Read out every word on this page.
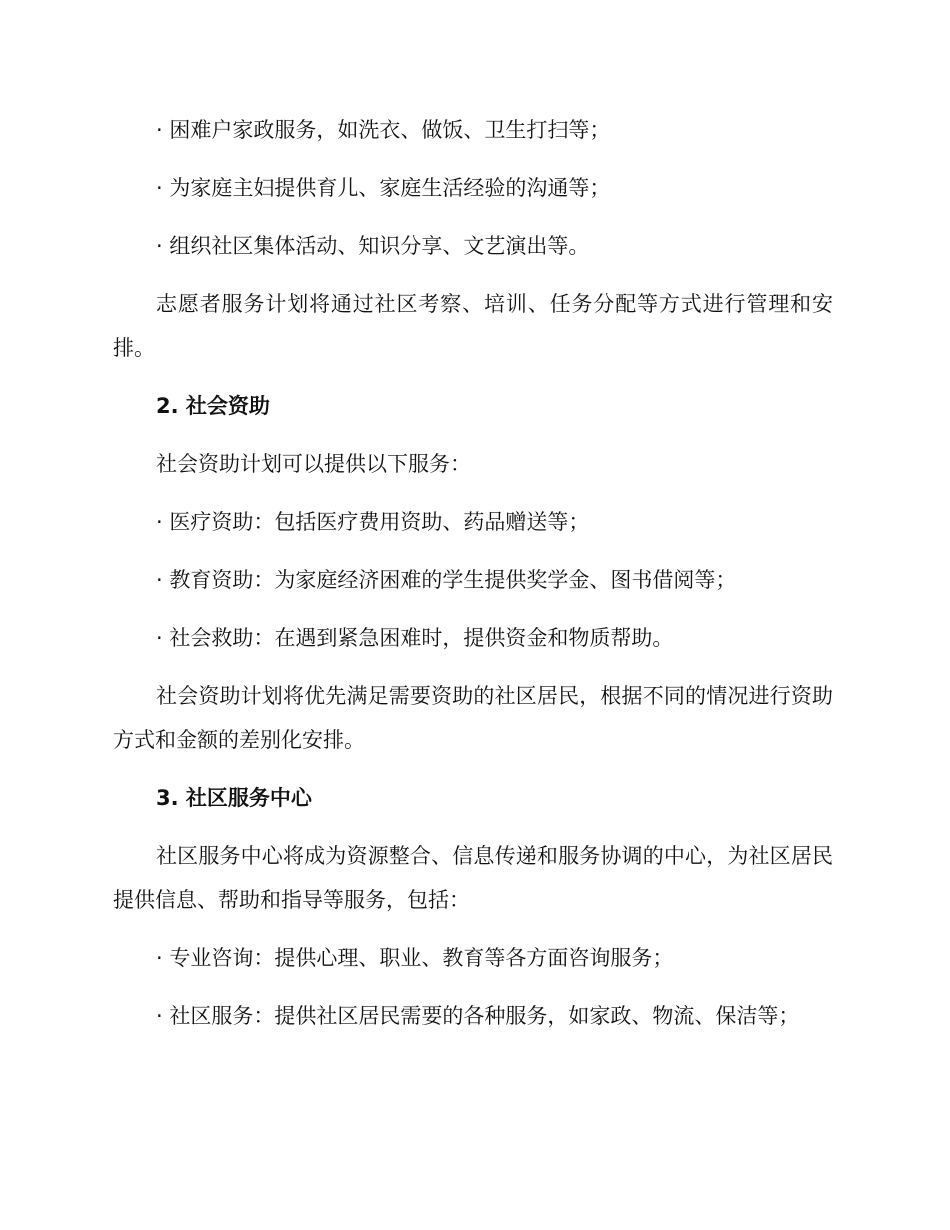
· 困难户家政服务，如洗衣、做饭、卫生打扫等；
· 为家庭主妇提供育儿、家庭生活经验的沟通等；
· 组织社区集体活动、知识分享、文艺演出等。

志愿者服务计划将通过社区考察、培训、任务分配等方式进行管理和安排。

2. 社会资助
社会资助计划可以提供以下服务：
· 医疗资助：包括医疗费用资助、药品赠送等；
· 教育资助：为家庭经济困难的学生提供奖学金、图书借阅等；
· 社会救助：在遇到紧急困难时，提供资金和物质帮助。

社会资助计划将优先满足需要资助的社区居民，根据不同的情况进行资助方式和金额的差别化安排。

3. 社区服务中心

社区服务中心将成为资源整合、信息传递和服务协调的中心，为社区居民提供信息、帮助和指导等服务，包括：

· 专业咨询：提供心理、职业、教育等各方面咨询服务；
· 社区服务：提供社区居民需要的各种服务，如家政、物流、保洁等；
